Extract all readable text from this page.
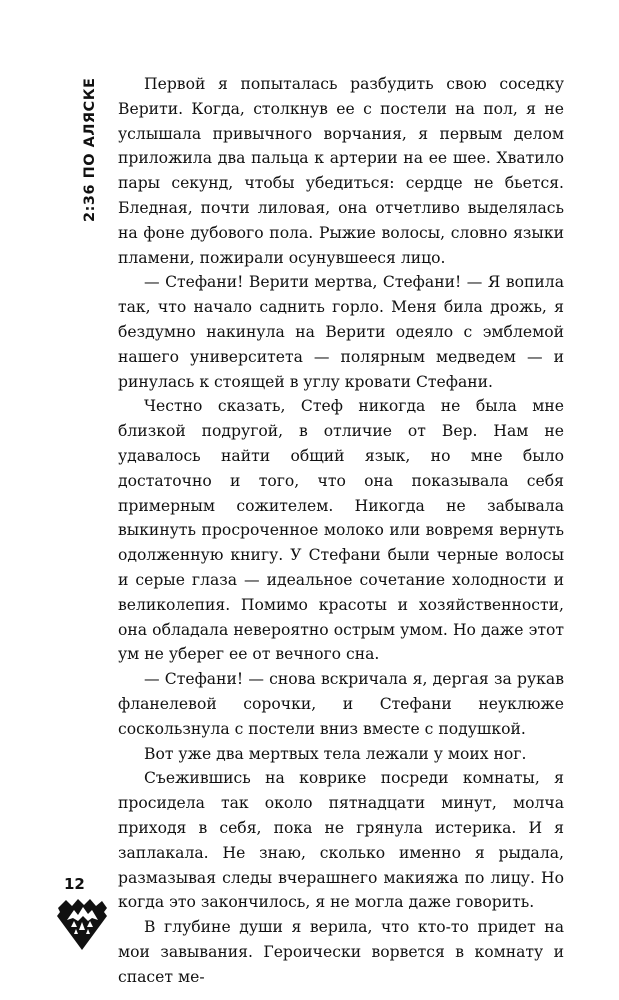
2:36 ПО АЛЯСКЕ	Первой я попыталась разбудить свою соседку Верити. Когда, столкнув ее с постели на пол, я не услышала привычного ворчания, я первым делом приложила два пальца к артерии на ее шее. Хватило пары секунд, чтобы убедиться: сердце не бьется. Бледная, почти лиловая, она отчетливо выделялась на фоне дубового пола. Рыжие волосы, словно языки пламени, пожирали осунувшееся лицо.

— Стефани! Верити мертва, Стефани! — Я вопила так, что начало саднить горло. Меня била дрожь, я бездумно накинула на Верити одеяло с эмблемой нашего университета — полярным медведем — и ринулась к стоящей в углу кровати Стефани.

Честно сказать, Стеф никогда не была мне близкой подругой, в отличие от Вер. Нам не удавалось найти общий язык, но мне было достаточно и того, что она показывала себя примерным сожителем. Никогда не забывала выкинуть просроченное молоко или вовремя вернуть одолженную книгу. У Стефани были черные волосы и серые глаза — идеальное сочетание холодности и великолепия. Помимо красоты и хозяйственности, она обладала невероятно острым умом. Но даже этот ум не уберег ее от вечного сна.

— Стефани! — снова вскричала я, дергая за рукав фланелевой сорочки, и Стефани неуклюже соскользнула с постели вниз вместе с подушкой.

Вот уже два мертвых тела лежали у моих ног.

Съежившись на коврике посреди комнаты, я просидела так около пятнадцати минут, молча приходя в себя, пока не грянула истерика. И я заплакала. Не знаю, сколько именно я рыдала, размазывая следы вчерашнего макияжа по лицу. Но когда это закончилось, я не могла даже говорить.

В глубине души я верила, что кто-то придет на мои завывания. Героически ворвется в комнату и спасет ме-

12
